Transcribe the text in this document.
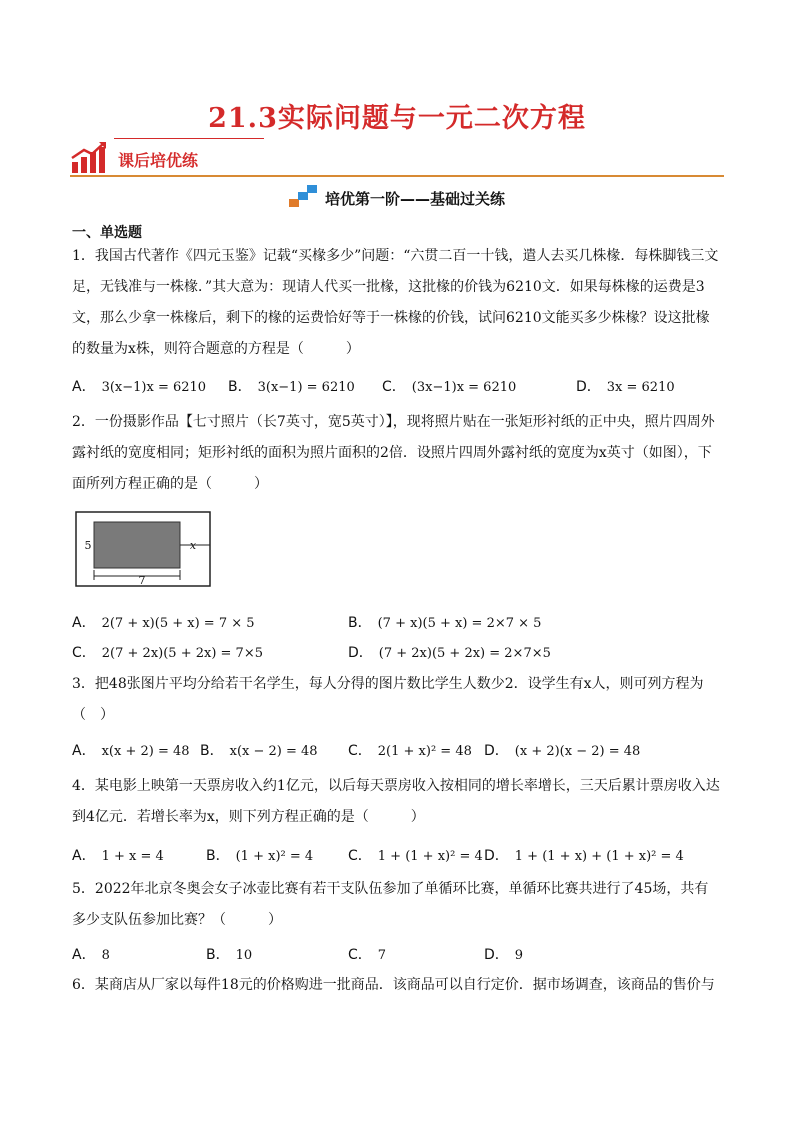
21.3实际问题与一元二次方程
课后培优练
培优第一阶——基础过关练
一、单选题
1．我国古代著作《四元玉鉴》记载“买椽多少”问题：“六贯二百一十钱，遣人去买几株椽．每株脚钱三文足，无钱准与一株椽．”其大意为：现请人代买一批椽，这批椽的价钱为6210文．如果每株椽的运费是3文，那么少拿一株椽后，剩下的椽的运费恰好等于一株椽的价钱，试问6210文能买多少株椽？设这批椽的数量为x株，则符合题意的方程是（　　　）
A． 3(x−1)x = 6210 B． 3(x−1) = 6210 C． (3x−1)x = 6210	D． 3x = 6210
2．一份摄影作品【七寸照片（长7英寸，宽5英寸）】，现将照片贴在一张矩形衬纸的正中央，照片四周外露衬纸的宽度相同；矩形衬纸的面积为照片面积的2倍．设照片四周外露衬纸的宽度为x英寸（如图），下面所列方程正确的是（　　　）
7
5	x
A． 2(7 + x)(5 + x) = 7 × 5	B． (7 + x)(5 + x) = 2×7 × 5
C． 2(7 + 2x)(5 + 2x) = 7×5	D． (7 + 2x)(5 + 2x) = 2×7×5
3．把48张图片平均分给若干名学生，每人分得的图片数比学生人数少2．设学生有x人，则可列方程为（　）
A． x(x + 2) = 48 B． x(x − 2) = 48 C． 2(1 + x)² = 48 D． (x + 2)(x − 2) = 48
4．某电影上映第一天票房收入约1亿元，以后每天票房收入按相同的增长率增长，三天后累计票房收入达到4亿元．若增长率为x，则下列方程正确的是（　　　）
A． 1 + x = 4	B． (1 + x)² = 4 C． 1 + (1 + x)² = 4 D． 1 + (1 + x) + (1 + x)² = 4
5．2022年北京冬奥会女子冰壶比赛有若干支队伍参加了单循环比赛，单循环比赛共进行了45场，共有多少支队伍参加比赛？（　　　）
A． 8	B． 10	C． 7	D． 9
6．某商店从厂家以每件18元的价格购进一批商品．该商品可以自行定价．据市场调查，该商品的售价与
